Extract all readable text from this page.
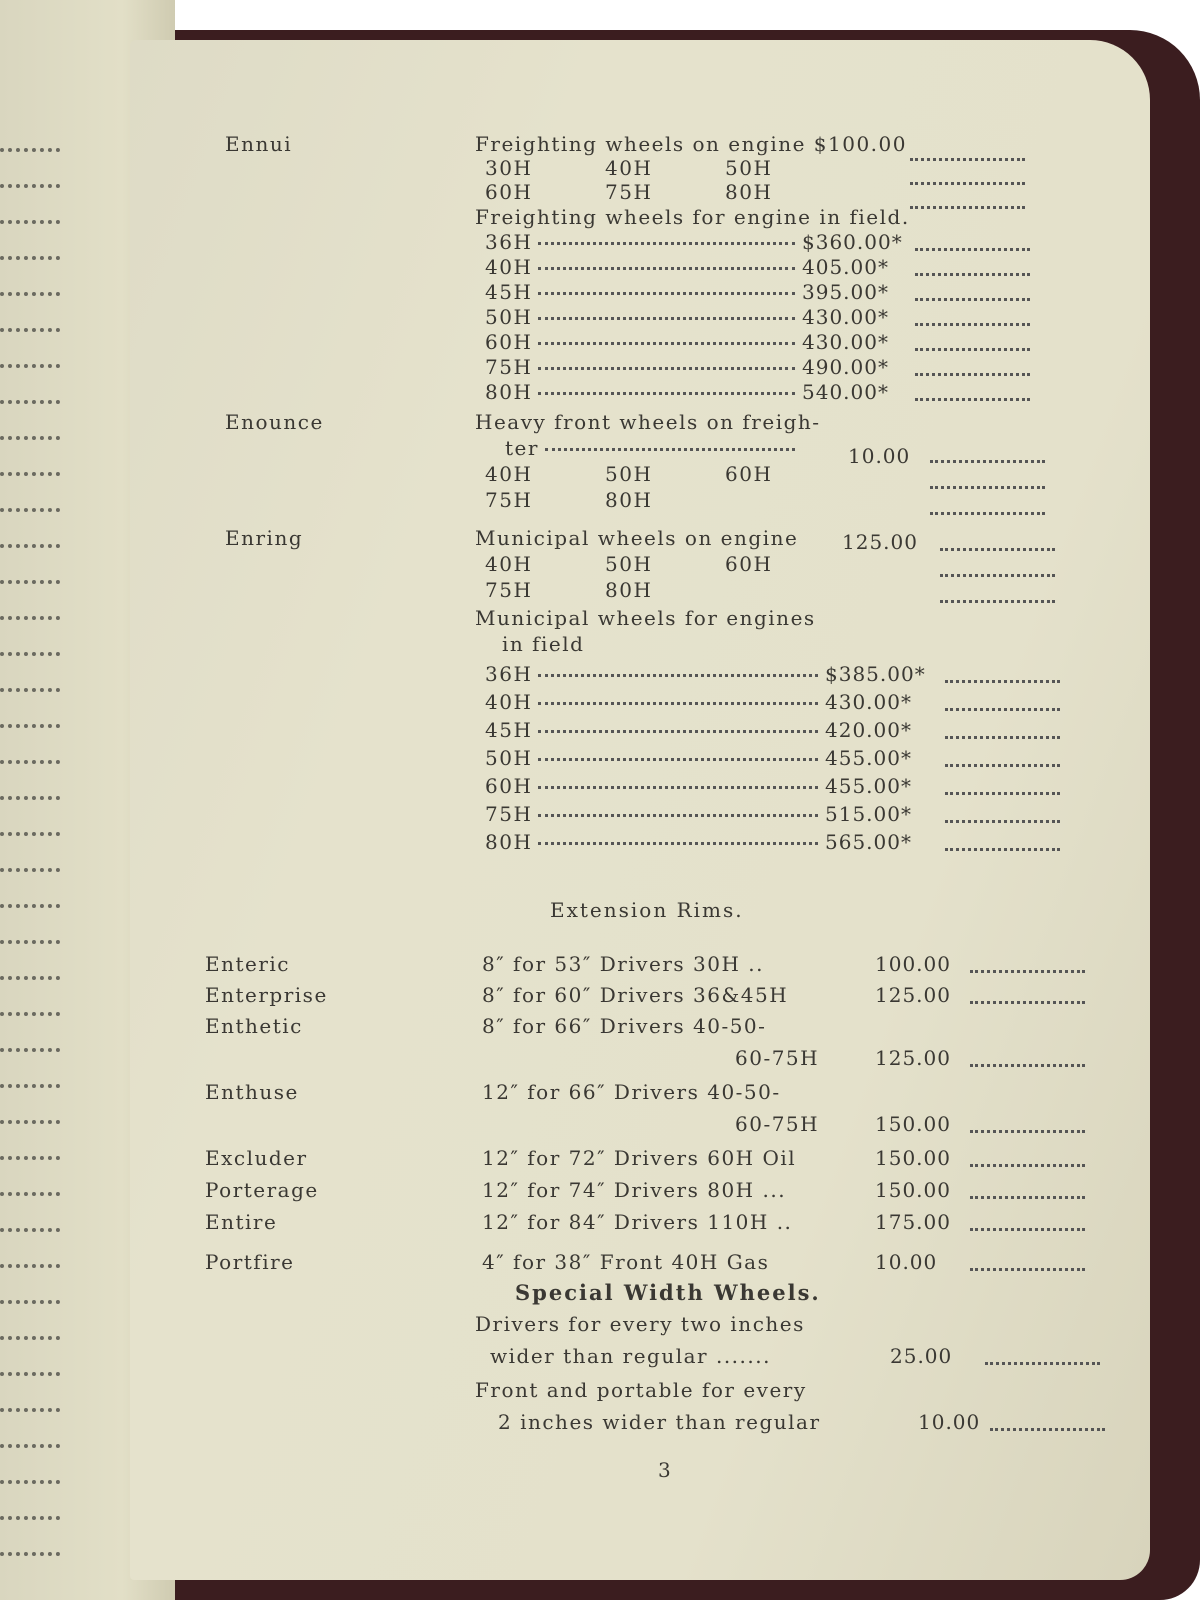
Ennui	Freighting wheels on engine $100.00
30H	40H	50H
60H	75H	80H
Freighting wheels for engine in field.
36H	$360.00*
40H	405.00*
45H	395.00*
50H	430.00*
60H	430.00*
75H	490.00*
80H	540.00*
Enounce	Heavy front wheels on freigh-
ter	10.00
40H	50H	60H
75H	80H
Enring	Municipal wheels on engine 125.00
40H	50H	60H
75H	80H
Municipal wheels for engines
in field
36H	$385.00*
40H	430.00*
45H	420.00*
50H	455.00*
60H	455.00*
75H	515.00*
80H	565.00*
Extension Rims.
Enteric	8″ for 53″ Drivers 30H ..	100.00
Enterprise	8″ for 60″ Drivers 36&45H	125.00
Enthetic	8″ for 66″ Drivers 40-50-
60-75H	125.00
Enthuse	12″ for 66″ Drivers 40-50-
60-75H	150.00
Excluder	12″ for 72″ Drivers 60H Oil	150.00
Porterage	12″ for 74″ Drivers 80H ...	150.00
Entire	12″ for 84″ Drivers 110H ..	175.00
Portfire	4″ for 38″ Front 40H Gas	10.00
Special Width Wheels.
Drivers for every two inches
wider than regular .......	25.00
Front and portable for every
2 inches wider than regular	10.00
3
